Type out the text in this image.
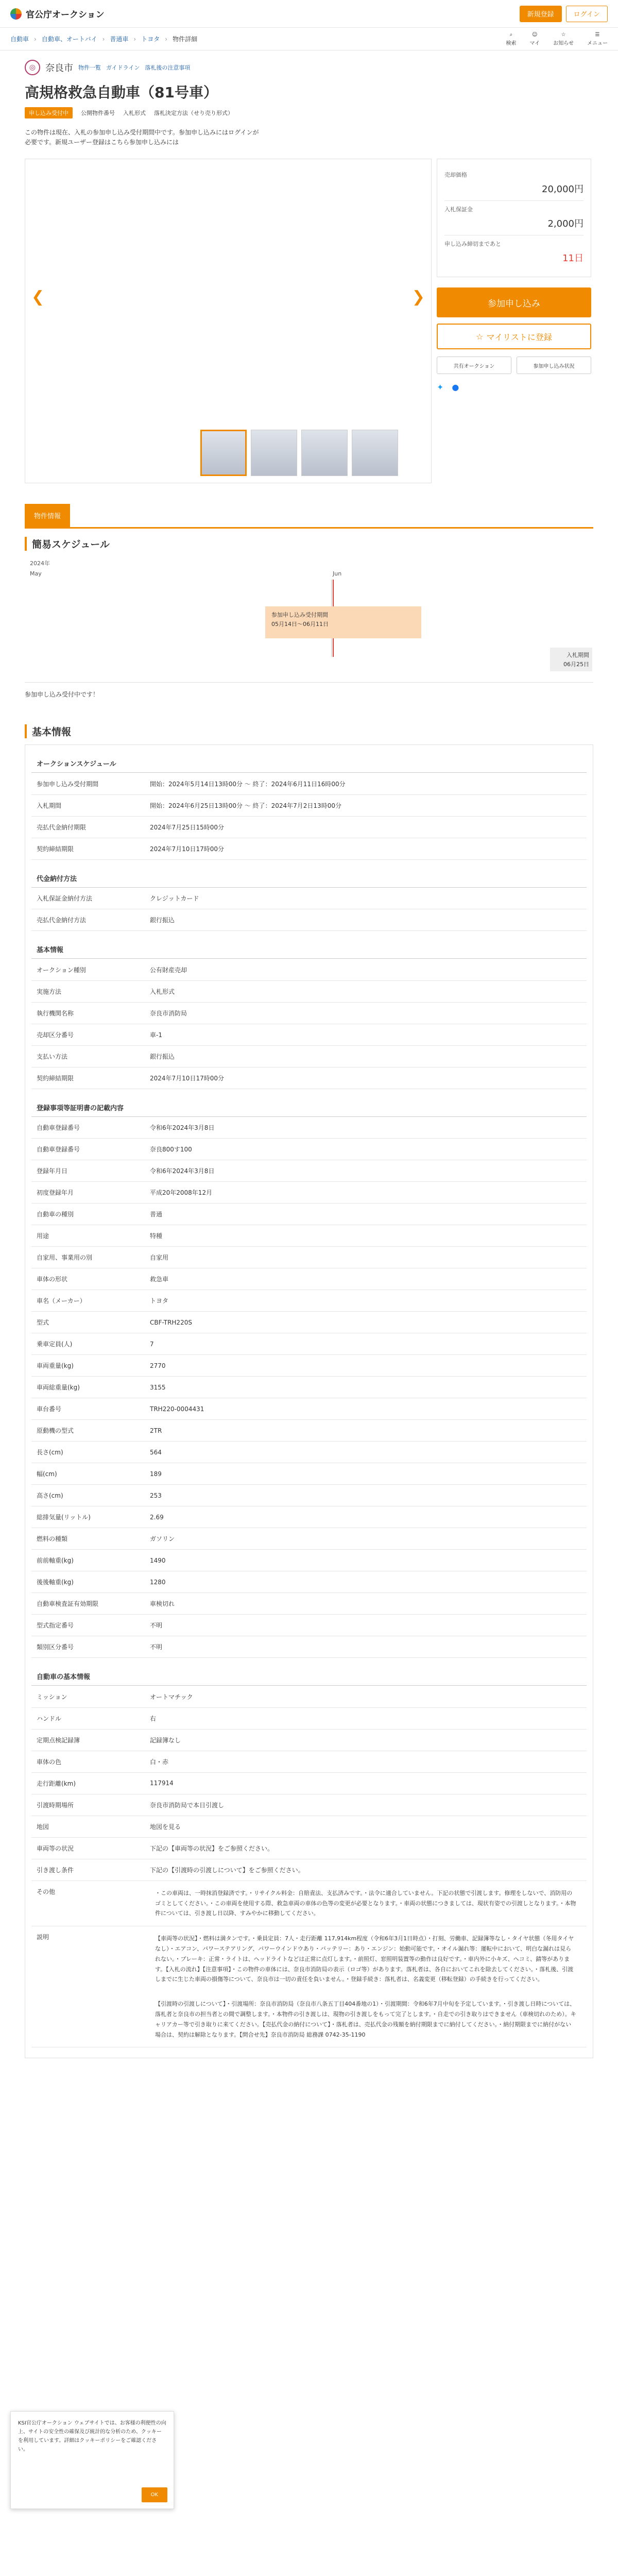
官公庁オークション	新規登録	ログイン
自動車 › 自動車、オートバイ › 普通車 › トヨタ › 物件詳細
⌕
検索
☺
マイ
☆
お知らせ
☰
メニュー
◎	奈良市 物件一覧 ガイドライン 落札後の注意事項
高規格救急自動車（81号車）
申し込み受付中	公開物件番号 入札形式 落札決定方法（せり売り形式）
この物件は現在、入札の参加申し込み受付期間中です。参加申し込みにはログインが必要です。新規ユーザー登録はこちら参加申し込みには
❮	❯
売却価格
20,000円
入札保証金
2,000円
申し込み締切まであと
11日
参加申し込み
☆ マイリストに登録
共有オークション	参加申し込み状況
✦ ●
物件情報
簡易スケジュール
2024年
May	Jun
参加申し込み受付期間
05月14日～06月11日
入札期間
06月25日
参加申し込み受付中です！
基本情報
オークションスケジュール
参加申し込み受付期間	開始：2024年5月14日13時00分 ～ 終了：2024年6月11日16時00分
入札期間	開始：2024年6月25日13時00分 ～ 終了：2024年7月2日13時00分
売払代金納付期限	2024年7月25日15時00分
契約締結期限	2024年7月10日17時00分
代金納付方法
入札保証金納付方法	クレジットカード
売払代金納付方法	銀行振込
基本情報
オークション種別	公有財産売却
実施方法	入札形式
執行機関名称	奈良市消防局
売却区分番号	車-1
支払い方法	銀行振込
契約締結期限	2024年7月10日17時00分
登録事項等証明書の記載内容
自動車登録番号	令和6年2024年3月8日
自動車登録番号	奈良800す100
登録年月日	令和6年2024年3月8日
初度登録年月	平成20年2008年12月
自動車の種別	普通
用途	特種
自家用、事業用の別	自家用
車体の形状	救急車
車名（メーカー）	トヨタ
型式	CBF-TRH220S
乗車定員(人)	7
車両重量(kg)	2770
車両総重量(kg)	3155
車台番号	TRH220-0004431
原動機の型式	2TR
長さ(cm)	564
幅(cm)	189
高さ(cm)	253
総排気量(リットル)	2.69
燃料の種類	ガソリン
前前軸重(kg)	1490
後後軸重(kg)	1280
自動車検査証有効期限	車検切れ
型式指定番号	不明
類別区分番号	不明
自動車の基本情報
ミッション	オートマチック
ハンドル	右
定期点検記録簿	記録簿なし
車体の色	白・赤
走行距離(km)	117914
引渡時期場所	奈良市消防局で本日引渡し
地図	地図を見る
車両等の状況	下記の【車両等の状況】をご参照ください。
引き渡し条件	下記の【引渡時の引渡しについて】をご参照ください。
その他	・この車両は、一時抹消登録済です。・リサイクル料金：自賠責法、支払済みです。・法令に適合していません。下記の状態で引渡します。修理をしないで、消防用のゴミとしてください。・この車両を使用する際、救急車両の車体の色等の変更が必要となります。・車両の状態につきましては、現状有姿での引渡しとなります。・本物件については、引き渡し日以降、すみやかに移動してください。

説明	【車両等の状況】・燃料は満タンです。・乗員定員：7人・走行距離 117,914km程度（令和6年3月1日時点）・打刻、労働車、記録簿等なし・タイヤ状態（冬用タイヤなし）・エアコン、パワーステアリング、パワーウインドウあり・バッテリー：あり・エンジン：始動可能です。・オイル漏れ等：運転中において、明白な漏れは見られない。・ブレーキ：正常・ライトは、ヘッドライトなどは正常に点灯します。・前照灯、窓照明装置等の動作は良好です。・車内外に小キズ、ヘコミ、錆等があります。【入札の流れ】【注意事項】・この物件の車体には、奈良市消防局の表示（ロゴ等）があります。落札者は、各自においてこれを除去してください。・落札後、引渡しまでに生じた車両の損傷等について、奈良市は一切の責任を負いません。・登録手続き：落札者は、名義変更（移転登録）の手続きを行ってください。
【引渡時の引渡しについて】・引渡場所：奈良市消防局（奈良市八条五丁目404番地の1）・引渡期間：令和6年7月中旬を予定しています。・引き渡し日時については、落札者と奈良市の担当者との間で調整します。・本物件の引き渡しは、現物の引き渡しをもって完了とします。・自走での引き取りはできません（車検切れのため）。キャリアカー等で引き取りに来てください。【売払代金の納付について】・落札者は、売払代金の残額を納付期限までに納付してください。・納付期限までに納付がない場合は、契約は解除となります。【問合せ先】奈良市消防局 総務課 0742-35-1190
KSI官公庁オークション ウェブサイトでは、お客様の利便性の向上、サイトの安全性の確保及び統計的な分析のため、クッキーを利用しています。詳細はクッキーポリシーをご確認ください。
OK
